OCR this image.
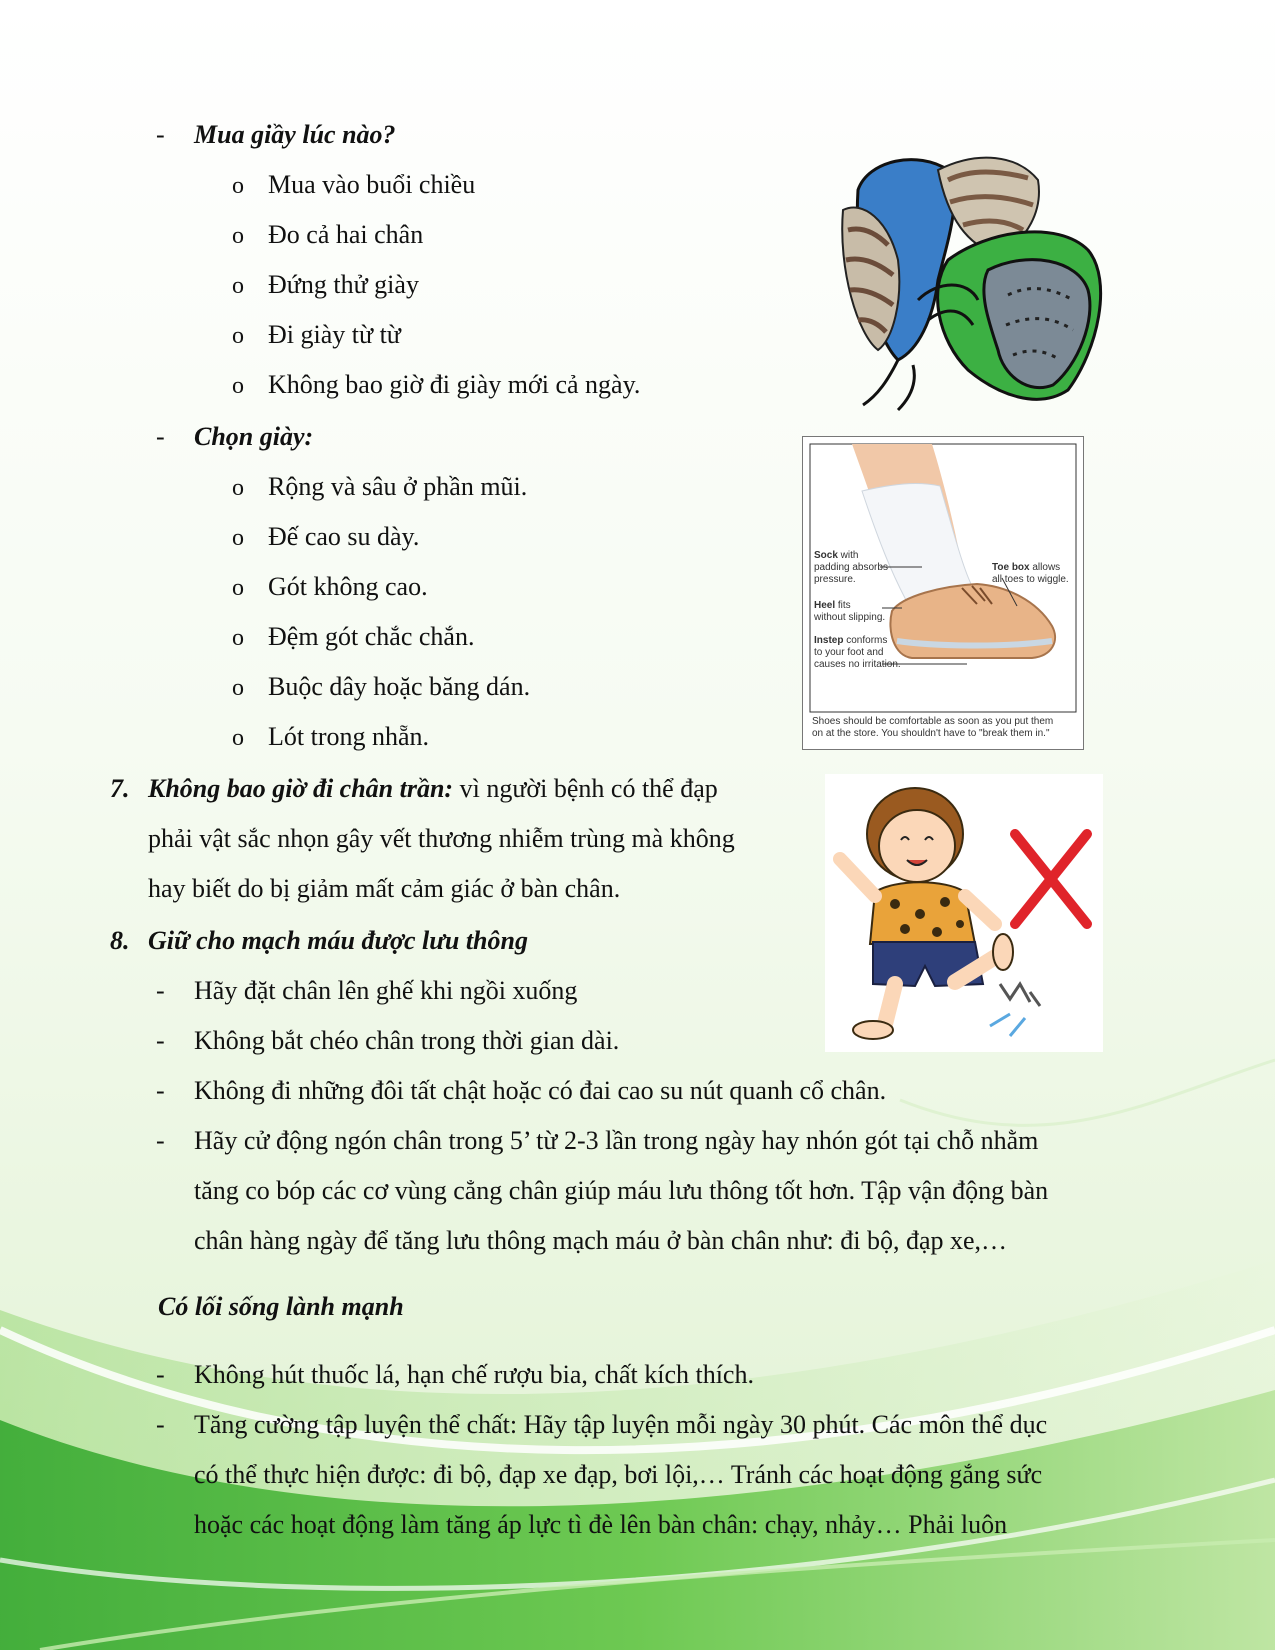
- Mua giầy lúc nào?
o Mua vào buổi chiều
o Đo cả hai chân
o Đứng thử giày
o Đi giày từ từ
o Không bao giờ đi giày mới cả ngày.
- Chọn giày:
o Rộng và sâu ở phần mũi.
o Đế cao su dày.
o Gót không cao.
o Đệm gót chắc chắn.
o Buộc dây hoặc băng dán.
o Lót trong nhẵn.
7. Không bao giờ đi chân trần: vì người bệnh có thể đạp
phải vật sắc nhọn gây vết thương nhiễm trùng mà không
hay biết do bị giảm mất cảm giác ở bàn chân.
8. Giữ cho mạch máu được lưu thông
- Hãy đặt chân lên ghế khi ngồi xuống
- Không bắt chéo chân trong thời gian dài.
- Không đi những đôi tất chật hoặc có đai cao su nút quanh cổ chân.
- Hãy cử động ngón chân trong 5’ từ 2-3 lần trong ngày hay nhón gót tại chỗ nhằm
tăng co bóp các cơ vùng cẳng chân giúp máu lưu thông tốt hơn. Tập vận động bàn
chân hàng ngày để tăng lưu thông mạch máu ở bàn chân như: đi bộ, đạp xe,…
Có lối sống lành mạnh
- Không hút thuốc lá, hạn chế rượu bia, chất kích thích.
- Tăng cường tập luyện thể chất: Hãy tập luyện mỗi ngày 30 phút. Các môn thể dục
có thể thực hiện được: đi bộ, đạp xe đạp, bơi lội,… Tránh các hoạt động gắng sức
hoặc các hoạt động làm tăng áp lực tì đè lên bàn chân: chạy, nhảy… Phải luôn
Sock with
padding absorbs
pressure.
Heel fits
without slipping.
Instep conforms
to your foot and
causes no irritation.
Toe box allows
all toes to wiggle.
Shoes should be comfortable as soon as you put them
on at the store. You shouldn't have to "break them in."
